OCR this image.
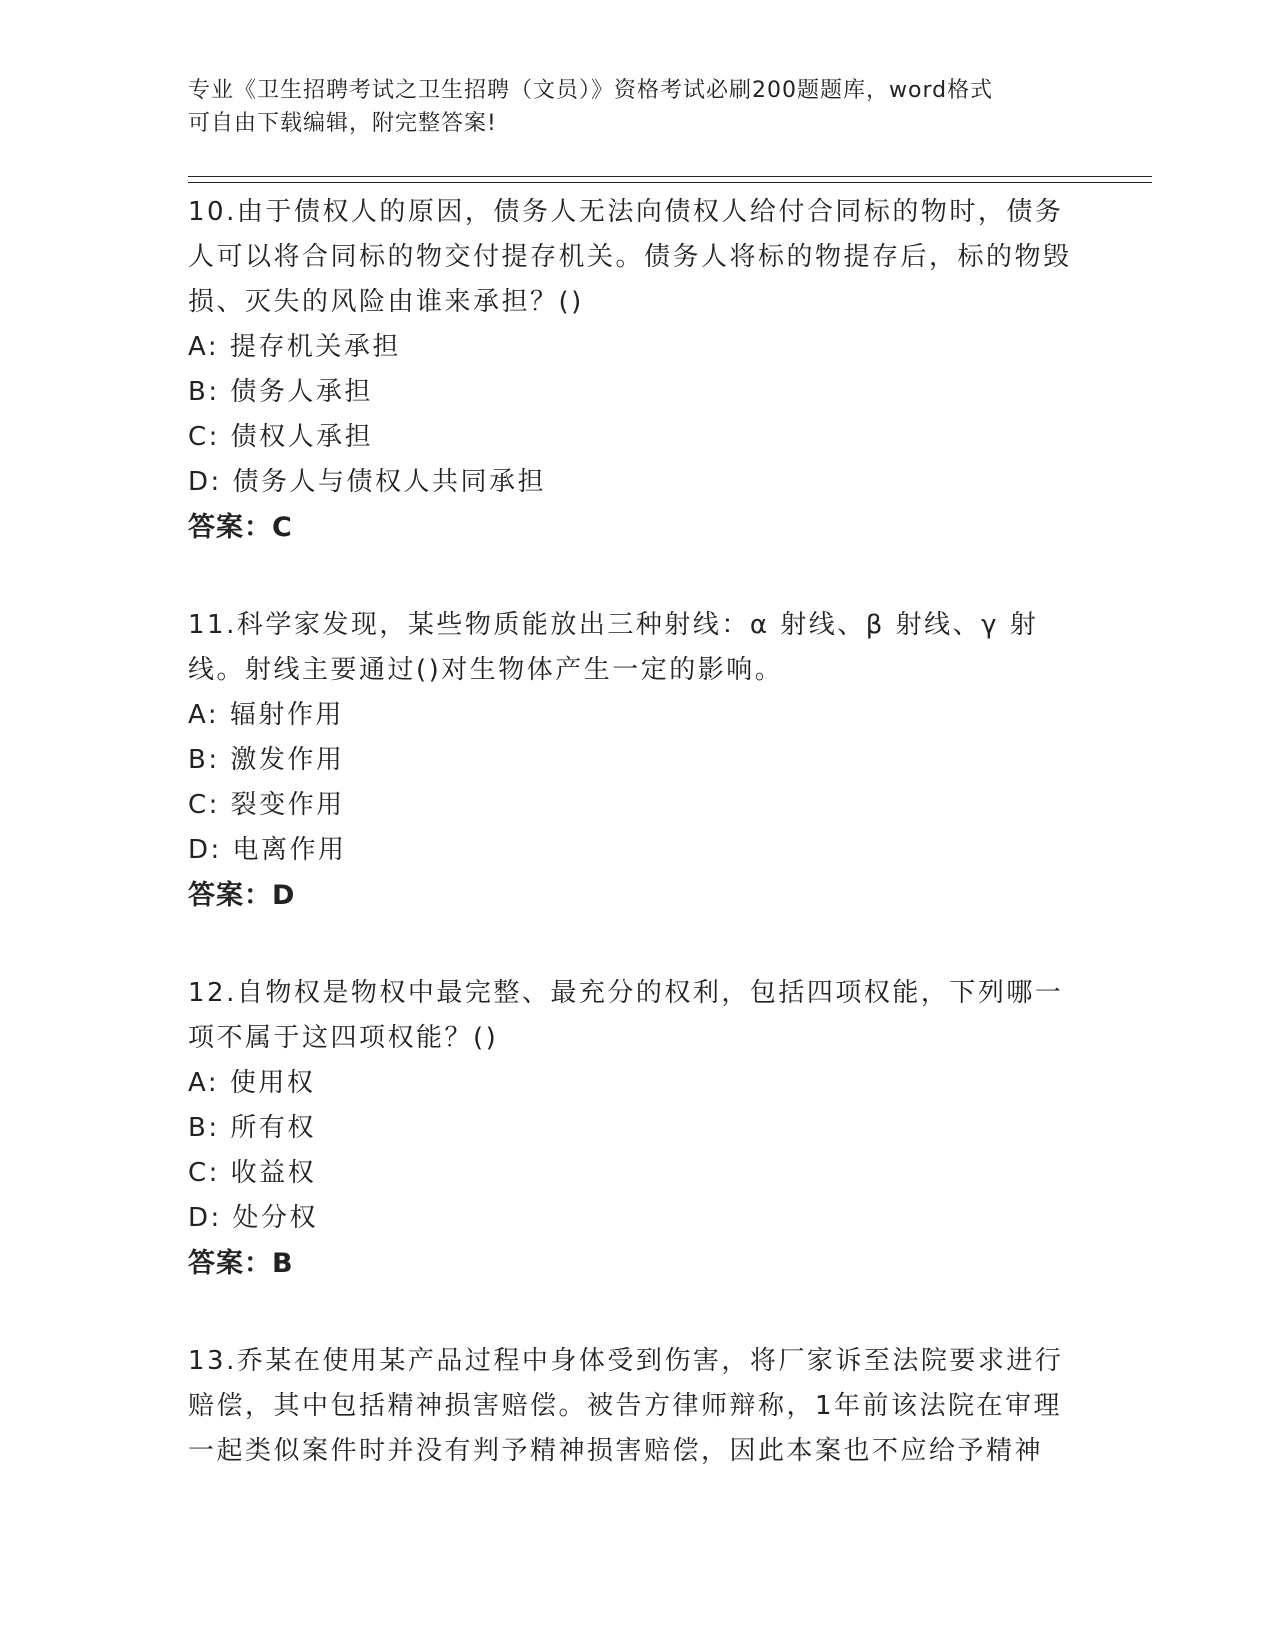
专业《卫生招聘考试之卫生招聘（文员）》资格考试必刷200题题库，word格式
可自由下载编辑，附完整答案!

10.由于债权人的原因，债务人无法向债权人给付合同标的物时，债务人可以将合同标的物交付提存机关。债务人将标的物提存后，标的物毁损、灭失的风险由谁来承担？()

A: 提存机关承担

B: 债务人承担

C: 债权人承担

D: 债务人与债权人共同承担

答案：C

11.科学家发现，某些物质能放出三种射线：α 射线、β 射线、γ 射线。射线主要通过()对生物体产生一定的影响。

A: 辐射作用

B: 激发作用

C: 裂变作用

D: 电离作用

答案：D

12.自物权是物权中最完整、最充分的权利，包括四项权能，下列哪一项不属于这四项权能？()

A: 使用权

B: 所有权

C: 收益权

D: 处分权

答案：B

13.乔某在使用某产品过程中身体受到伤害，将厂家诉至法院要求进行赔偿，其中包括精神损害赔偿。被告方律师辩称，1年前该法院在审理一起类似案件时并没有判予精神损害赔偿，因此本案也不应给予精神
